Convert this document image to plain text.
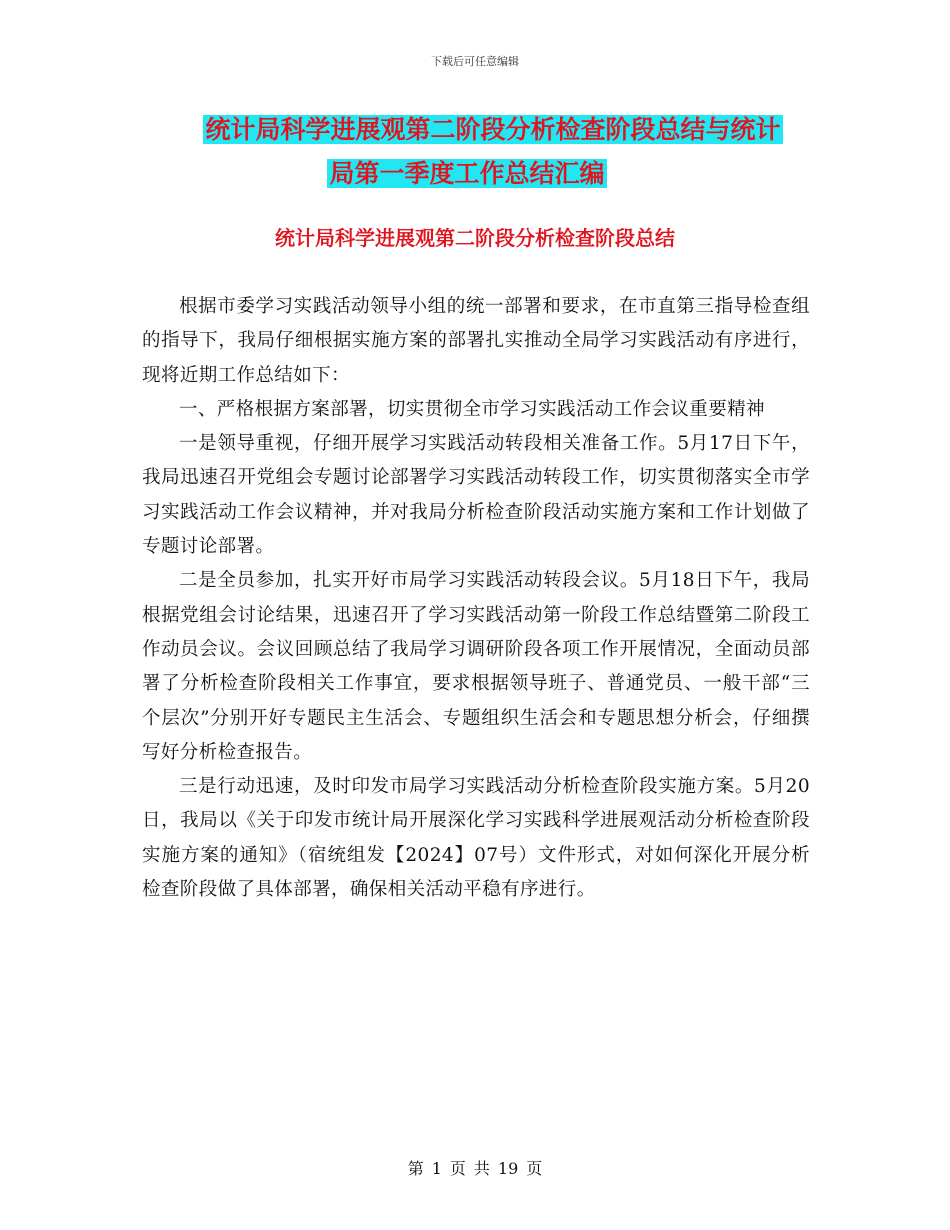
下载后可任意编辑
统计局科学进展观第二阶段分析检查阶段总结与统计
局第一季度工作总结汇编
统计局科学进展观第二阶段分析检查阶段总结

根据市委学习实践活动领导小组的统一部署和要求，在市直第三指导检查组的指导下，我局仔细根据实施方案的部署扎实推动全局学习实践活动有序进行，现将近期工作总结如下：

一、严格根据方案部署，切实贯彻全市学习实践活动工作会议重要精神

一是领导重视，仔细开展学习实践活动转段相关准备工作。5月17日下午，我局迅速召开党组会专题讨论部署学习实践活动转段工作，切实贯彻落实全市学习实践活动工作会议精神，并对我局分析检查阶段活动实施方案和工作计划做了专题讨论部署。

二是全员参加，扎实开好市局学习实践活动转段会议。5月18日下午，我局根据党组会讨论结果，迅速召开了学习实践活动第一阶段工作总结暨第二阶段工作动员会议。会议回顾总结了我局学习调研阶段各项工作开展情况，全面动员部署了分析检查阶段相关工作事宜，要求根据领导班子、普通党员、一般干部“三个层次”分别开好专题民主生活会、专题组织生活会和专题思想分析会，仔细撰写好分析检查报告。

三是行动迅速，及时印发市局学习实践活动分析检查阶段实施方案。5月20日，我局以《关于印发市统计局开展深化学习实践科学进展观活动分析检查阶段实施方案的通知》（宿统组发【2024】07号）文件形式，对如何深化开展分析检查阶段做了具体部署，确保相关活动平稳有序进行。

第 1 页 共 19 页
